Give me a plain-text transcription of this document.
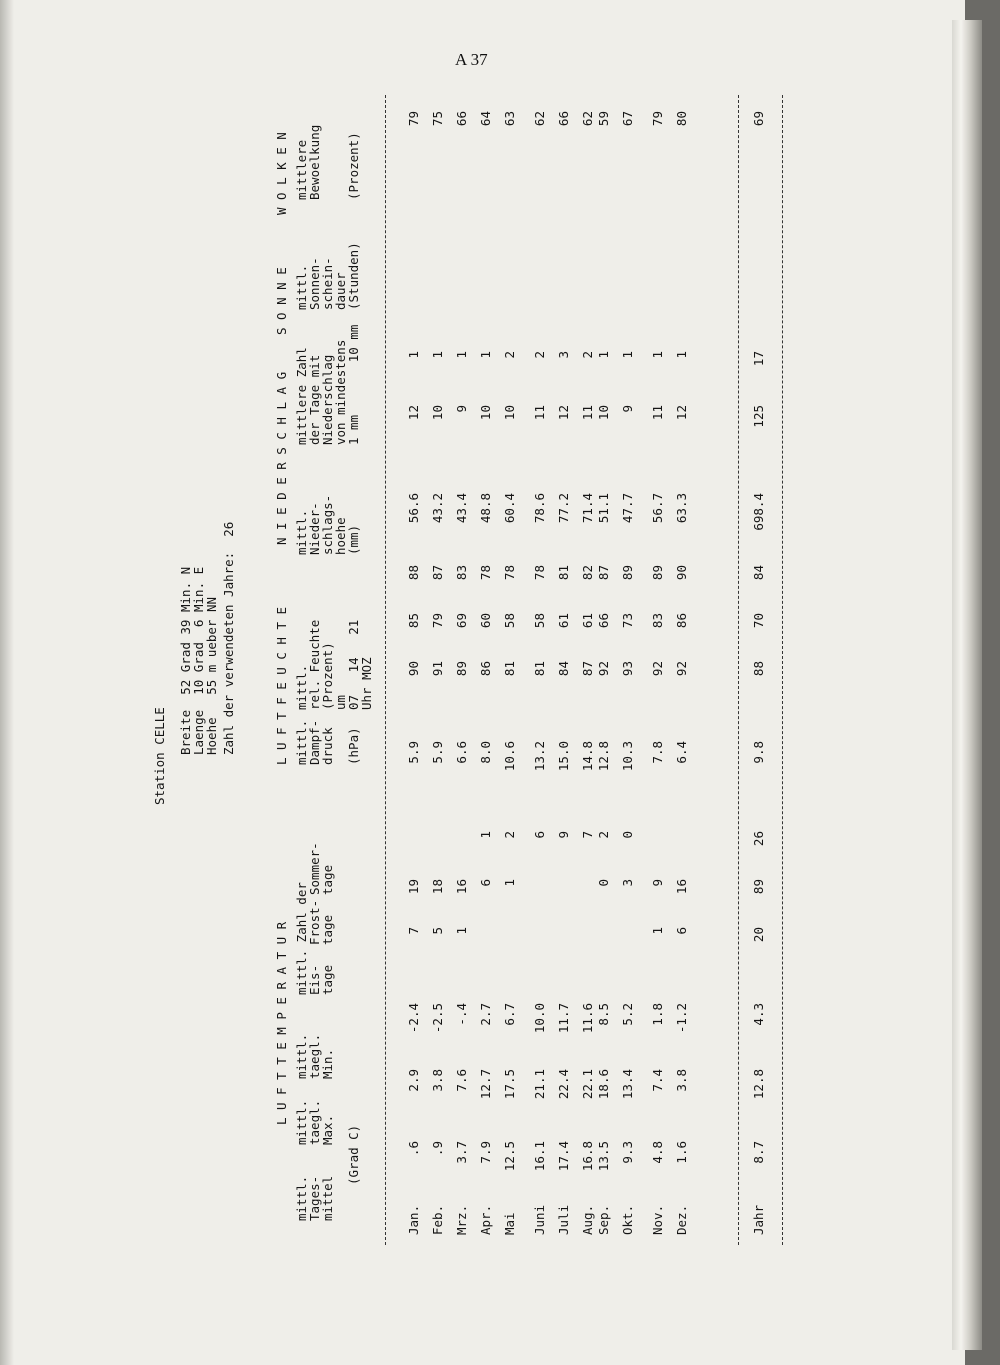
A 37
Station CELLE
Breite  52 Grad 39 Min. N
Laenge  10 Grad  6 Min. E
Hoehe   55 m ueber NN Zahl der verwendeten Jahre:  26
L U F T T E M P E R A T U R
L U F T F E U C H T E
N I E D E R S C H L A G
S O N N E
W O L K E N
mittl.
Tages-
mittel
mittl.
taegl.
Max.
mittl.
taegl.
Min.
Eis-
tage
Frost-
tage
Sommer-
tage
mittl.
Dampf-
druck (hPa)
mittl.
rel. Feuchte
(Prozent)
um
07   14   21
Uhr MOZ
mittl.
Nieder-
schlags-
hoehe
(mm)
mittlere Zahl
der Tage mit
Niederschlag
von mindestens
1 mm       10 mm
mittl.
Sonnen-
schein-
dauer
(Stunden)
mittlere
Bewoelkung (Prozent)
(Grad C)
mittl. Zahl der
Jan.
.6
2.9
-2.4
7
19
5.9
90
85
88
56.6
12
1
79
Feb.
.9
3.8
-2.5
5
18
5.9
91
79
87
43.2
10
1
75
Mrz.
3.7
7.6
-.4
1
16
6.6
89
69
83
43.4
9
1
66
Apr.
7.9
12.7
2.7
6
1
8.0
86
60
78
48.8
10
1
64
Mai
12.5
17.5
6.7
1
2
10.6
81
58
78
60.4
10
2
63
Juni
16.1
21.1
10.0
6
13.2
81
58
78
78.6
11
2
62
Juli
17.4
22.4
11.7
9
15.0
84
61
81
77.2
12
3
66
Aug.
16.8
22.1
11.6
7
14.8
87
61
82
71.4
11
2
62
Sep.
13.5
18.6
8.5
0
2
12.8
92
66
87
51.1
10
1
59
Okt.
9.3
13.4
5.2
3
0
10.3
93
73
89
47.7
9
1
67
Nov.
4.8
7.4
1.8
1
9
7.8
92
83
89
56.7
11
1
79
Dez.
1.6
3.8
-1.2
6
16
6.4
92
86
90
63.3
12
1
80
Jahr
8.7
12.8
4.3
20
89
26
9.8
88
70
84
698.4
125
17
69
